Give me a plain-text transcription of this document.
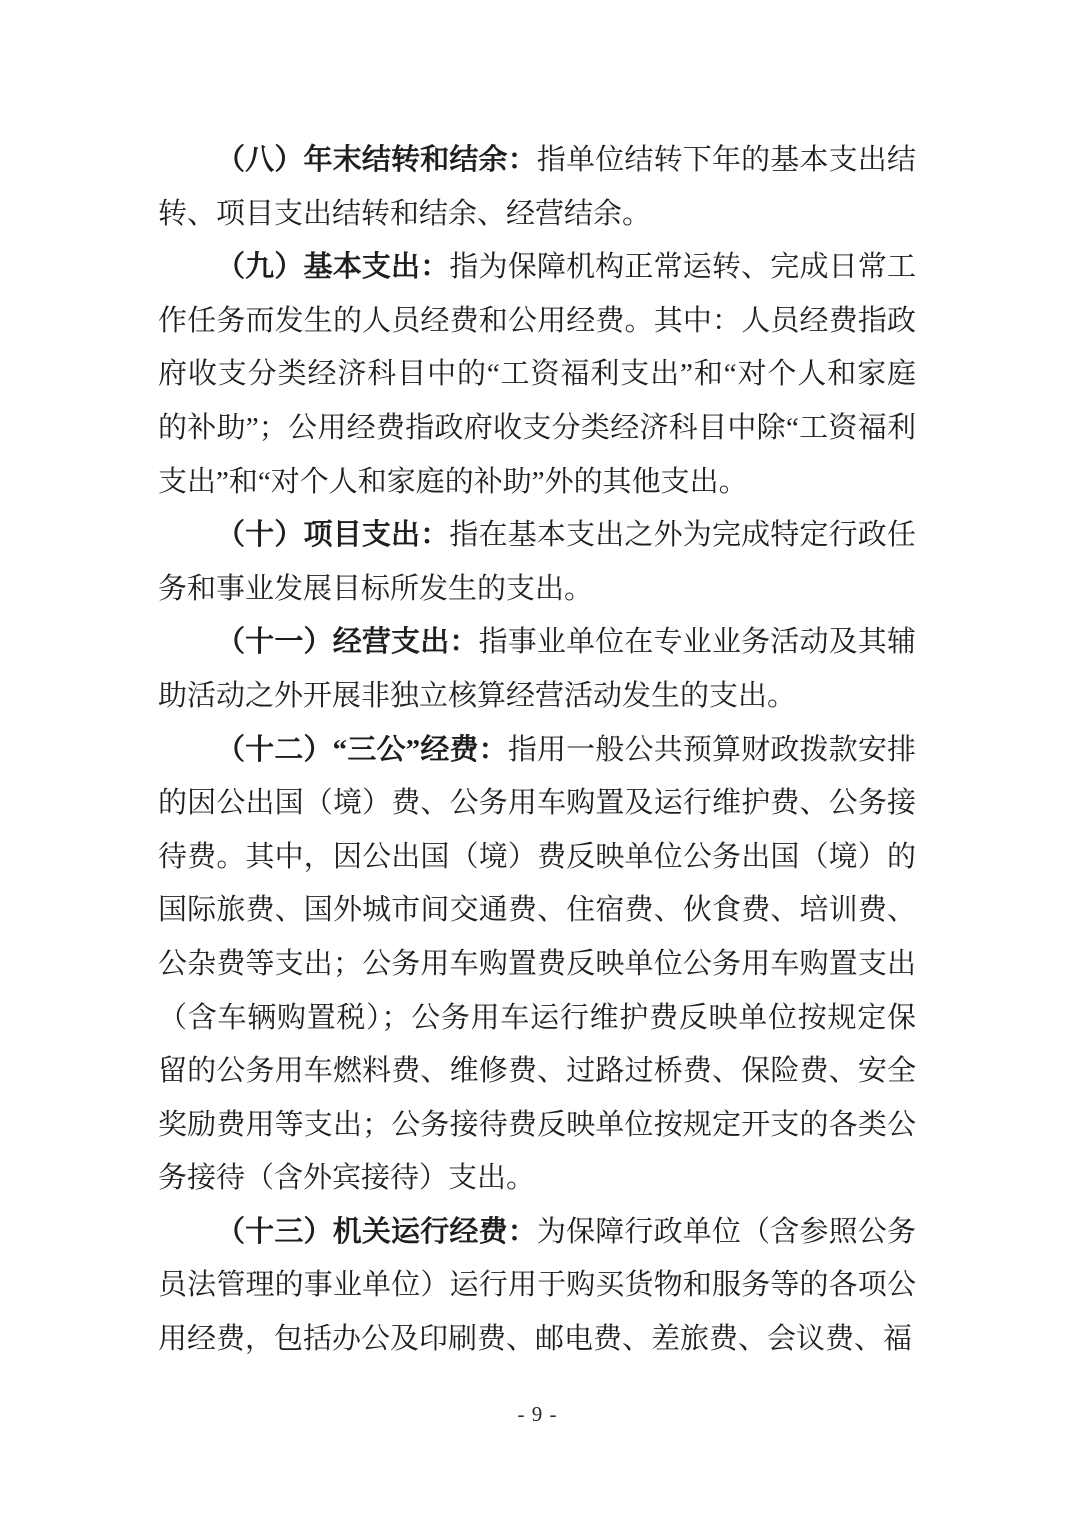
（八）年末结转和结余：指单位结转下年的基本支出结转、项目支出结转和结余、经营结余。

（九）基本支出：指为保障机构正常运转、完成日常工作任务而发生的人员经费和公用经费。其中：人员经费指政府收支分类经济科目中的“工资福利支出”和“对个人和家庭的补助”；公用经费指政府收支分类经济科目中除“工资福利支出”和“对个人和家庭的补助”外的其他支出。

（十）项目支出：指在基本支出之外为完成特定行政任务和事业发展目标所发生的支出。

（十一）经营支出：指事业单位在专业业务活动及其辅助活动之外开展非独立核算经营活动发生的支出。

（十二）“三公”经费：指用一般公共预算财政拨款安排的因公出国（境）费、公务用车购置及运行维护费、公务接待费。其中，因公出国（境）费反映单位公务出国（境）的国际旅费、国外城市间交通费、住宿费、伙食费、培训费、公杂费等支出；公务用车购置费反映单位公务用车购置支出（含车辆购置税）；公务用车运行维护费反映单位按规定保留的公务用车燃料费、维修费、过路过桥费、保险费、安全奖励费用等支出；公务接待费反映单位按规定开支的各类公务接待（含外宾接待）支出。

（十三）机关运行经费：为保障行政单位（含参照公务员法管理的事业单位）运行用于购买货物和服务等的各项公用经费，包括办公及印刷费、邮电费、差旅费、会议费、福

- 9 -
